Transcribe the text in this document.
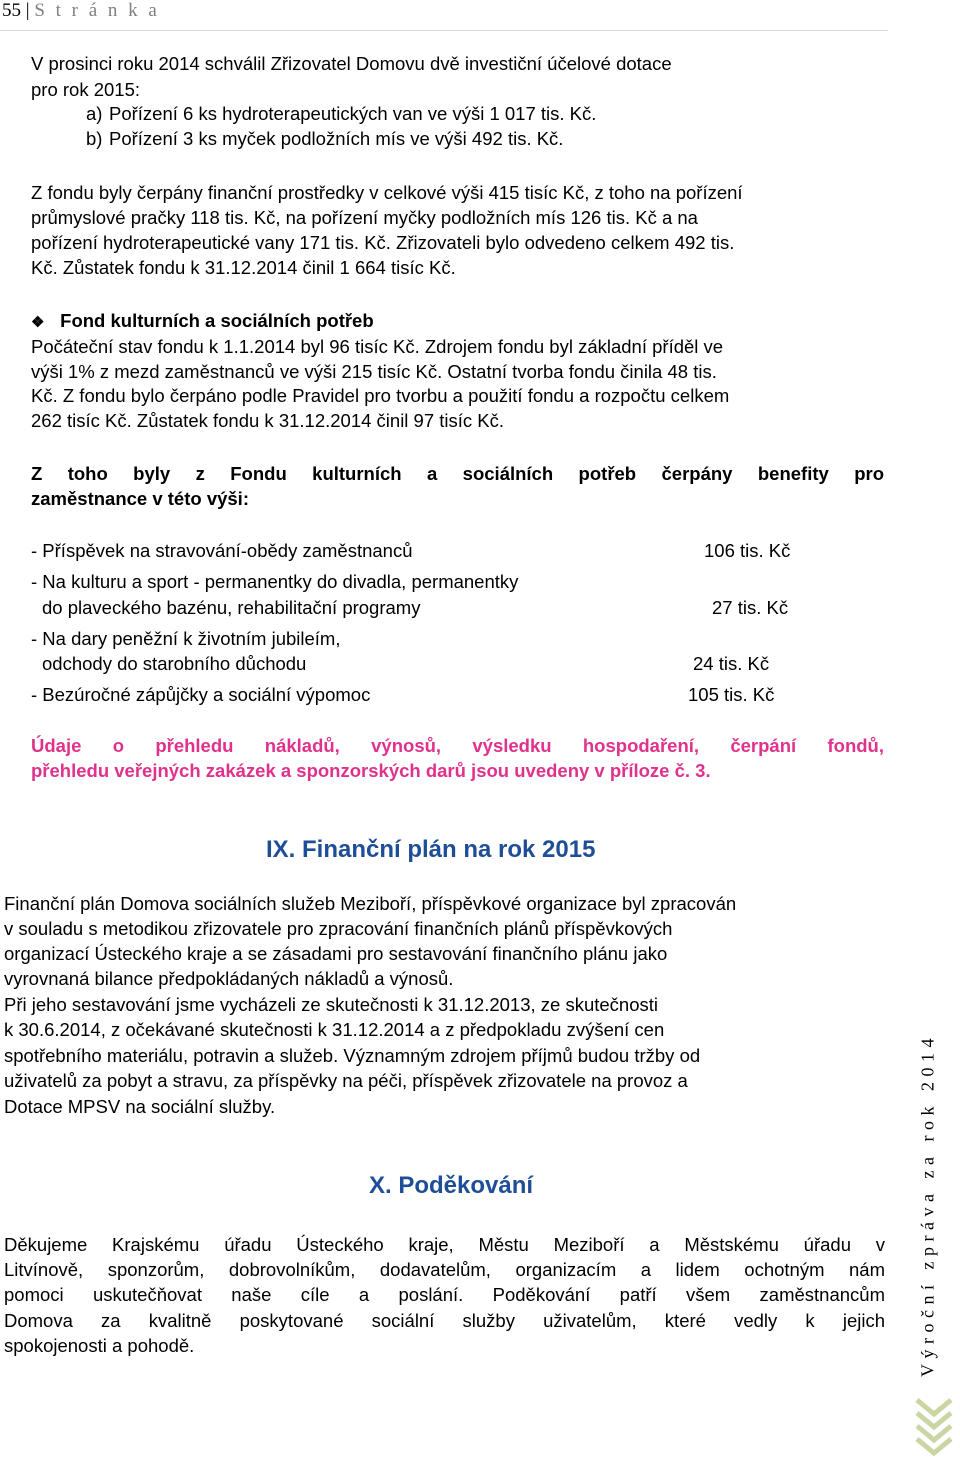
55 | S t r á n k a
V prosinci roku 2014 schválil Zřizovatel Domovu dvě investiční účelové dotace
pro rok 2015:
a) Pořízení 6 ks hydroterapeutických van ve výši 1 017 tis. Kč.
b) Pořízení 3 ks myček podložních mís ve výši 492 tis. Kč.
Z fondu byly čerpány finanční prostředky v celkové výši 415 tisíc Kč, z toho na pořízení
průmyslové pračky 118 tis. Kč, na pořízení myčky podložních mís 126 tis. Kč a na
pořízení hydroterapeutické vany 171 tis. Kč. Zřizovateli bylo odvedeno celkem 492 tis.
Kč. Zůstatek fondu k 31.12.2014 činil 1 664 tisíc Kč.
❖ Fond kulturních a sociálních potřeb
Počáteční stav fondu k 1.1.2014 byl 96 tisíc Kč. Zdrojem fondu byl základní příděl ve
výši 1% z mezd zaměstnanců ve výši 215 tisíc Kč. Ostatní tvorba fondu činila 48 tis.
Kč. Z fondu bylo čerpáno podle Pravidel pro tvorbu a použití fondu a rozpočtu celkem
262 tisíc Kč. Zůstatek fondu k 31.12.2014 činil 97 tisíc Kč.
Z toho byly z Fondu kulturních a sociálních potřeb čerpány benefity pro
zaměstnance v této výši:
- Příspěvek na stravování-obědy zaměstnanců	106 tis. Kč
- Na kulturu a sport - permanentky do divadla, permanentky
do plaveckého bazénu, rehabilitační programy	27 tis. Kč
- Na dary peněžní k životním jubileím,
odchody do starobního důchodu	24 tis. Kč
- Bezúročné zápůjčky a sociální výpomoc	105 tis. Kč
Údaje o přehledu nákladů, výnosů, výsledku hospodaření, čerpání fondů,
přehledu veřejných zakázek a sponzorských darů jsou uvedeny v příloze č. 3.
IX. Finanční plán na rok 2015
Finanční plán Domova sociálních služeb Meziboří, příspěvkové organizace byl zpracován
v souladu s metodikou zřizovatele pro zpracování finančních plánů příspěvkových
organizací Ústeckého kraje a se zásadami pro sestavování finančního plánu jako
vyrovnaná bilance předpokládaných nákladů a výnosů.
Při jeho sestavování jsme vycházeli ze skutečnosti k 31.12.2013, ze skutečnosti
k 30.6.2014, z očekávané skutečnosti k 31.12.2014 a z předpokladu zvýšení cen
spotřebního materiálu, potravin a služeb. Významným zdrojem příjmů budou tržby od
uživatelů za pobyt a stravu, za příspěvky na péči, příspěvek zřizovatele na provoz a
Dotace MPSV na sociální služby.
X. Poděkování
Děkujeme Krajskému úřadu Ústeckého kraje, Městu Meziboří a Městskému úřadu v
Litvínově, sponzorům, dobrovolníkům, dodavatelům, organizacím a lidem ochotným nám
pomoci uskutečňovat naše cíle a poslání. Poděkování patří všem zaměstnancům
Domova za kvalitně poskytované sociální služby uživatelům, které vedly k jejich
spokojenosti a pohodě.	Výroční zpráva za rok 2014
